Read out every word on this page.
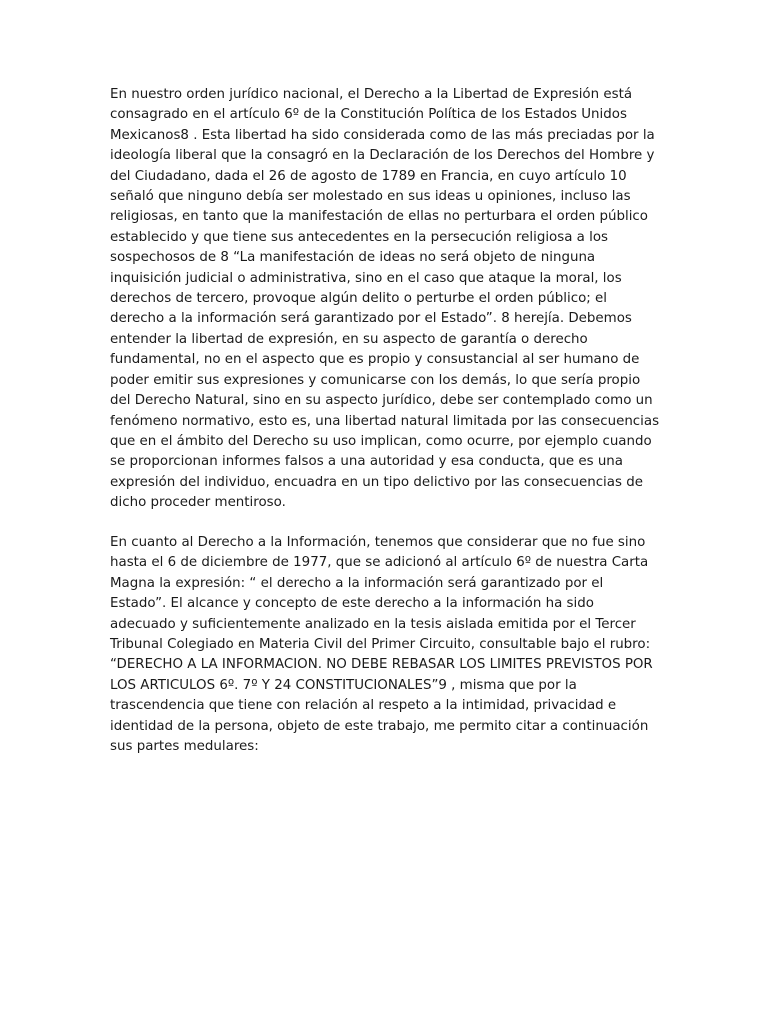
En nuestro orden jurídico nacional, el Derecho a la Libertad de Expresión está consagrado en el artículo 6º de la Constitución Política de los Estados Unidos Mexicanos8 . Esta libertad ha sido considerada como de las más preciadas por la ideología liberal que la consagró en la Declaración de los Derechos del Hombre y del Ciudadano, dada el 26 de agosto de 1789 en Francia, en cuyo artículo 10 señaló que ninguno debía ser molestado en sus ideas u opiniones, incluso las religiosas, en tanto que la manifestación de ellas no perturbara el orden público establecido y que tiene sus antecedentes en la persecución religiosa a los sospechosos de 8 “La manifestación de ideas no será objeto de ninguna inquisición judicial o administrativa, sino en el caso que ataque la moral, los derechos de tercero, provoque algún delito o perturbe el orden público; el derecho a la información será garantizado por el Estado”. 8 herejía. Debemos entender la libertad de expresión, en su aspecto de garantía o derecho fundamental, no en el aspecto que es propio y consustancial al ser humano de poder emitir sus expresiones y comunicarse con los demás, lo que sería propio del Derecho Natural, sino en su aspecto jurídico, debe ser contemplado como un fenómeno normativo, esto es, una libertad natural limitada por las consecuencias que en el ámbito del Derecho su uso implican, como ocurre, por ejemplo cuando se proporcionan informes falsos a una autoridad y esa conducta, que es una expresión del individuo, encuadra en un tipo delictivo por las consecuencias de dicho proceder mentiroso.

En cuanto al Derecho a la Información, tenemos que considerar que no fue sino hasta el 6 de diciembre de 1977, que se adicionó al artículo 6º de nuestra Carta Magna la expresión: “ el derecho a la información será garantizado por el Estado”. El alcance y concepto de este derecho a la información ha sido adecuado y suficientemente analizado en la tesis aislada emitida por el Tercer Tribunal Colegiado en Materia Civil del Primer Circuito, consultable bajo el rubro: “DERECHO A LA INFORMACION. NO DEBE REBASAR LOS LIMITES PREVISTOS POR LOS ARTICULOS 6º. 7º Y 24 CONSTITUCIONALES”9 , misma que por la trascendencia que tiene con relación al respeto a la intimidad, privacidad e identidad de la persona, objeto de este trabajo, me permito citar a continuación sus partes medulares:
